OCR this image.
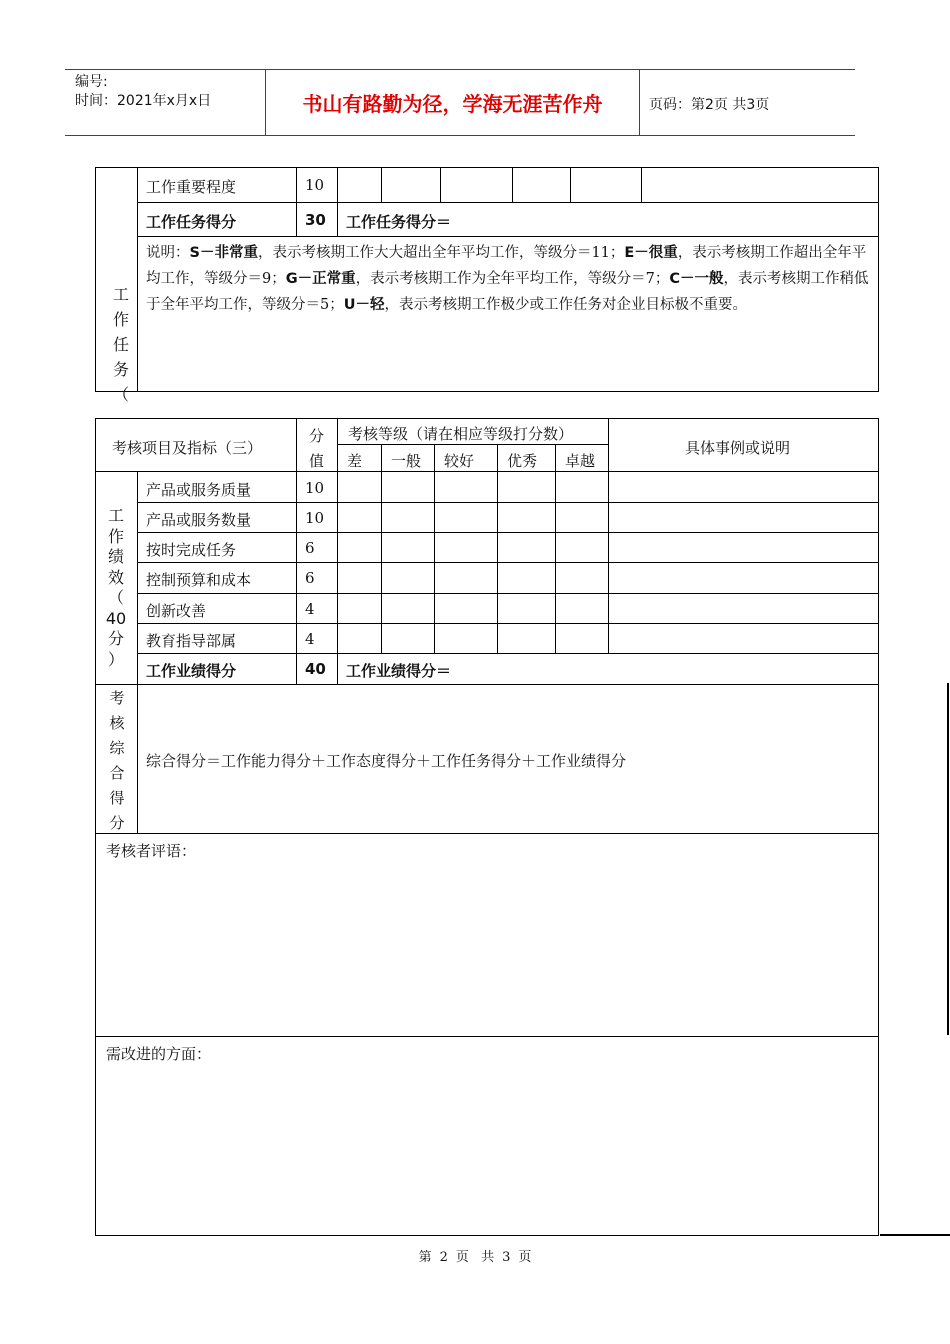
编号:
时间：2021年x月x日	书山有路勤为径，学海无涯苦作舟	页码：第2页 共3页
工
作
任
务
（
工作重要程度	10
工作任务得分	30 工作任务得分＝
说明：S－非常重，表示考核期工作大大超出全年平均工作，等级分＝11；E－很重，表示考核期工作超出全年平均工作，等级分＝9；G－正常重，表示考核期工作为全年平均工作，等级分＝7；C－一般，表示考核期工作稍低于全年平均工作，等级分＝5；U－轻，表示考核期工作极少或工作任务对企业目标极不重要。
考核项目及指标（三）
分
值
考核等级（请在相应等级打分数）
差 一般 较好 优秀 卓越
具体事例或说明
工
作
绩
效
（
40
分
）
产品或服务质量	10
产品或服务数量	10
按时完成任务	6
控制预算和成本	6
创新改善	4
教育指导部属	4
工作业绩得分	40 工作业绩得分＝
考
核
综
合
得
分
综合得分＝工作能力得分＋工作态度得分＋工作任务得分＋工作业绩得分
考核者评语：
需改进的方面：
第 2 页 共 3 页
